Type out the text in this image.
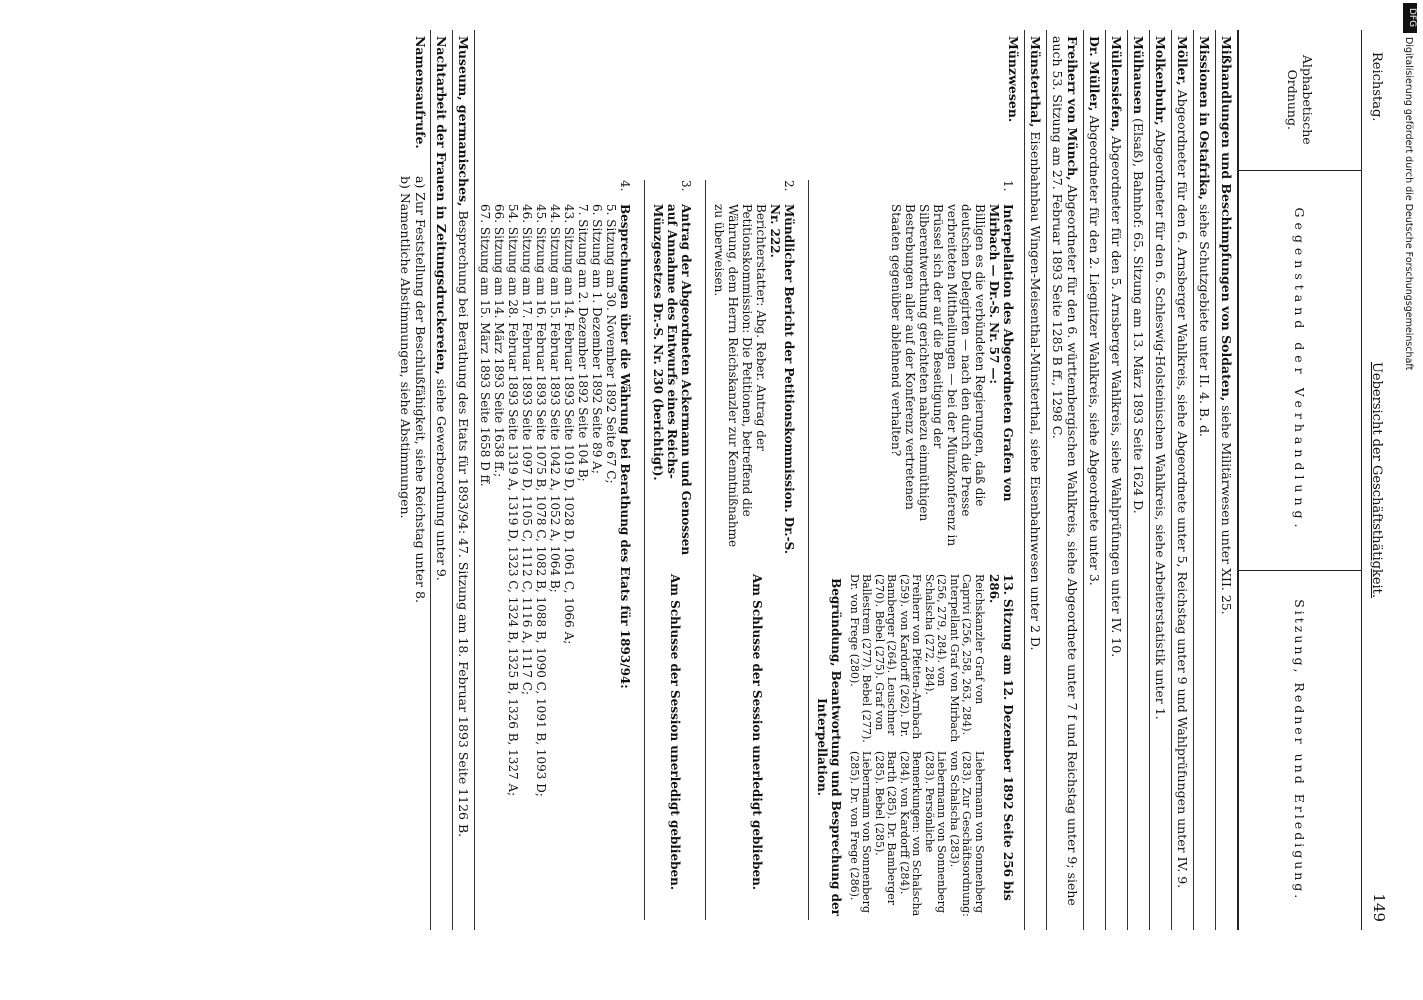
Reichstag.
Uebersicht der Geschäftsthätigkeit.
149
Alphabetische Ordnung.	Gegenstand der Verhandlung.	Sitzung, Redner und Erledigung.
Mißhandlungen und Beschimpfungen von Soldaten, siehe Militärwesen unter XII. 25.
Missionen in Ostafrika, siehe Schutzgebiete unter II. 4. B. d.
Möller, Abgeordneter für den 6. Arnsberger Wahlkreis, siehe Abgeordnete unter 5, Reichstag unter 9 und Wahlprüfungen unter IV. 9.
Molkenbuhr, Abgeordneter für den 6. Schleswig-Holsteinischen Wahlkreis, siehe Arbeiterstatistik unter 1.
Mülhausen (Elsaß), Bahnhof: 65. Sitzung am 13. März 1893 Seite 1624 D.
Müllensiefen, Abgeordneter für den 5. Arnsberger Wahlkreis, siehe Wahlprüfungen unter IV. 10.
Dr. Müller, Abgeordneter für den 2. Liegnitzer Wahlkreis, siehe Abgeordnete unter 3.
Freiherr von Münch, Abgeordneter für den 6. württembergischen Wahlkreis, siehe Abgeordnete unter 7 f und Reichstag unter 9; siehe auch 53. Sitzung am 27. Februar 1893 Seite 1285 B ff., 1298 C.
Münsterthal, Eisenbahnbau Wingen-Meisenthal-Münsterthal, siehe Eisenbahnwesen unter 2 D.
Münzwesen.	
1.
Interpellation des Abgeordneten Grafen von Mirbach — Dr.-S. Nr. 57 —:
Billigen es die verbündeten Regierungen, daß die deutschen Delegirten — nach den durch die Presse verbreiteten Mittheilungen — bei der Münzkonferenz in Brüssel sich der auf die Beseitigung der Silberentwerthung gerichteten nahezu einmüthigen Bestrebungen aller auf der Konferenz vertretenen Staaten gegenüber ablehnend verhalten?

13. Sitzung am 12. Dezember 1892 Seite 256 bis 286.
Reichskanzler Graf von Caprivi (256, 258, 263, 284). Interpellant Graf von Mirbach (256, 279, 284). von Schalscha (272, 284). Freiherr von Pfetten-Arnbach (259). von Kardorff (262). Dr. Bamberger (264). Leuschner (270). Bebel (275). Graf von Ballestrem (277). Bebel (277). Dr. von Frege (280).
Liebermann von Sonnenberg (283). Zur Geschäftsordnung: von Schalscha (283). Liebermann von Sonnenberg (283). Persönliche Bemerkungen: von Schalscha (284). von Kardorff (284). Barth (285). Dr. Bamberger (285). Bebel (285). Liebermann von Sonnenberg (285). Dr. von Frege (286).
Begründung, Beantwortung und Besprechung der Interpellation.

2.
Mündlicher Bericht der Petitionskommission. Dr.-S. Nr. 222.
Berichterstatter: Abg. Reber. Antrag der Petitionskommission: Die Petitionen, betreffend die Währung, dem Herrn Reichskanzler zur Kenntnißnahme zu überweisen.
	Am Schlusse der Session unerledigt geblieben.

3.
Antrag der Abgeordneten Ackermann und Genossen auf Annahme des Entwurfs eines Reichs-Münzgesetzes Dr.-S. Nr. 230 (berichtigt).
	Am Schlusse der Session unerledigt geblieben.

4.
Besprechungen über die Währung bei Berathung des Etats für 1893/94:
5. Sitzung am 30. November 1892 Seite 67 C;
6. Sitzung am 1. Dezember 1892 Seite 89 A;
7. Sitzung am 2. Dezember 1892 Seite 104 B;
43. Sitzung am 14. Februar 1893 Seite 1019 D, 1028 D, 1061 C, 1066 A;
44. Sitzung am 15. Februar 1893 Seite 1042 A, 1052 A, 1064 B;
45. Sitzung am 16. Februar 1893 Seite 1075 B, 1078 C, 1082 B, 1088 B, 1090 C, 1091 B, 1093 D;
46. Sitzung am 17. Februar 1893 Seite 1097 D, 1105 C, 1112 C, 1116 A, 1117 C;
54. Sitzung am 28. Februar 1893 Seite 1319 A, 1319 D, 1323 C, 1324 B, 1325 B, 1326 B, 1327 A;
66. Sitzung am 14. März 1893 Seite 1638 ff.;
67. Sitzung am 15. März 1893 Seite 1658 D ff.

Museum, germanisches, Besprechung bei Berathung des Etats für 1893/94: 47. Sitzung am 18. Februar 1893 Seite 1126 B.
Nachtarbeit der Frauen in Zeitungsdruckereien, siehe Gewerbeordnung unter 9.
Namensaufrufe.	
a) Zur Feststellung der Beschlußfähigkeit, siehe Reichstag unter 8.
b) Namentliche Abstimmungen, siehe Abstimmungen.
DFG
Digitalisierung gefördert durch die Deutsche Forschungsgemeinschaft
